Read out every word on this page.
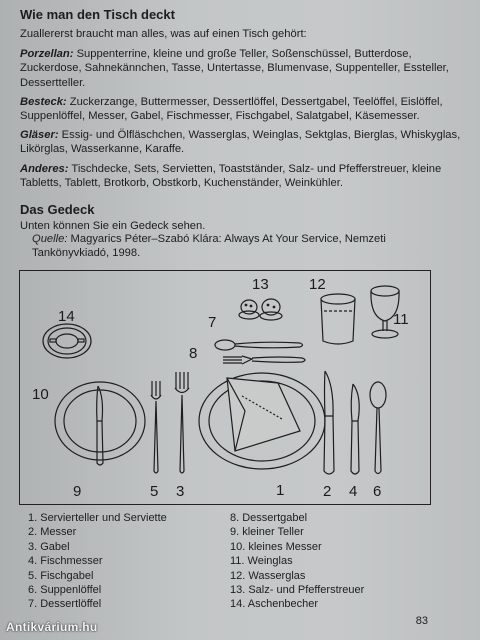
Wie man den Tisch deckt

Zuallererst braucht man alles, was auf einen Tisch gehört:

Porzellan: Suppenterrine, kleine und große Teller, Soßenschüssel, Butterdose, Zuckerdose, Sahnekännchen, Tasse, Untertasse, Blumenvase, Suppenteller, Essteller, Dessertteller.

Besteck: Zuckerzange, Buttermesser, Dessertlöffel, Dessertgabel, Teelöffel, Eislöffel, Suppenlöffel, Messer, Gabel, Fischmesser, Fischgabel, Salatgabel, Käsemesser.

Gläser: Essig- und Ölfläschchen, Wasserglas, Weinglas, Sektglas, Bierglas, Whiskyglas, Likörglas, Wasserkanne, Karaffe.

Anderes: Tischdecke, Sets, Servietten, Toastständer, Salz- und Pfefferstreuer, kleine Tabletts, Tablett, Brotkorb, Obstkorb, Kuchenständer, Weinkühler.

Das Gedeck

Unten können Sie ein Gedeck sehen.

Quelle: Magyarics Péter–Szabó Klára: Always At Your Service, Nemzeti Tankönyvkiadó, 1998.

14
13	12
11
7
8
10
9	5 3	1	2 4 6
1. Servierteller und Serviette
2. Messer
3. Gabel
4. Fischmesser
5. Fischgabel
6. Suppenlöffel
7. Dessertlöffel
8. Dessertgabel
9. kleiner Teller
10. kleines Messer
11. Weinglas
12. Wasserglas
13. Salz- und Pfefferstreuer
14. Aschenbecher
83
Antikvárium.hu
